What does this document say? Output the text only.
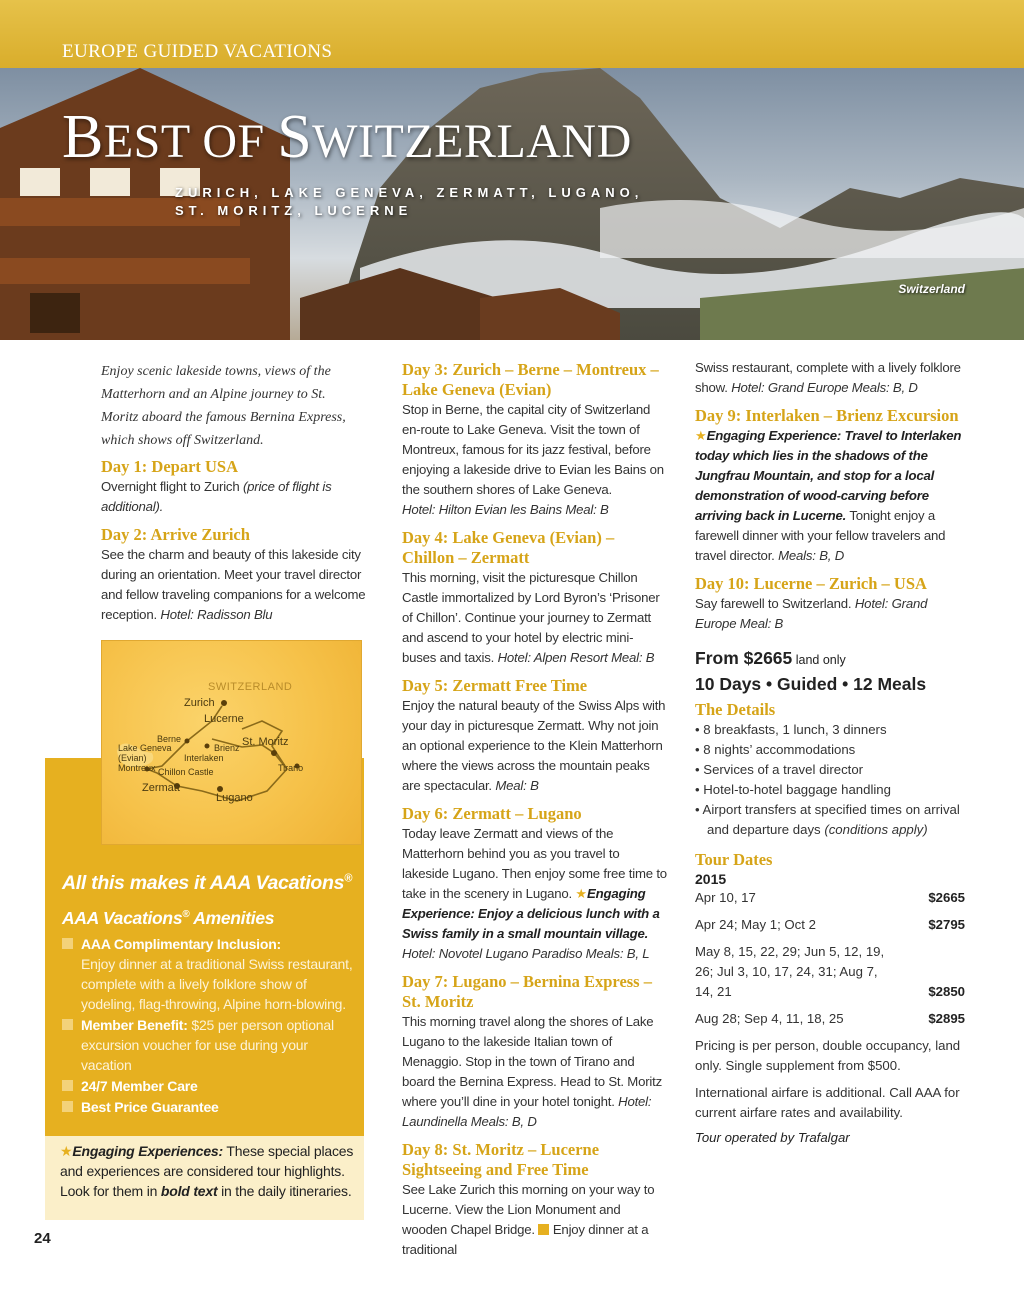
EUROPE GUIDED VACATIONS
BEST OF SWITZERLAND
ZURICH, LAKE GENEVA, ZERMATT, LUGANO,
ST. MORITZ, LUCERNE
Switzerland

Enjoy scenic lakeside towns, views of the Matterhorn and an Alpine journey to St. Moritz aboard the famous Bernina Express, which shows off Switzerland.

Day 1: Depart USA

Overnight flight to Zurich (price of flight is additional).

Day 2: Arrive Zurich

See the charm and beauty of this lakeside city during an orientation. Meet your travel director and fellow traveling companions for a welcome reception. Hotel: Radisson Blu

SWITZERLAND
Zurich
Lucerne
Berne
Lake Geneva
(Evian)
Montreux
Interlaken
Brienz St. Moritz
Tirano
Chillon Castle
Zermatt
Lugano
All this makes it AAA Vacations®
AAA Vacations® Amenities
AAA Complimentary Inclusion:
Enjoy dinner at a traditional Swiss restaurant, complete with a lively folklore show of yodeling, flag-throwing, Alpine horn-blowing.
Member Benefit: $25 per person optional excursion voucher for use during your vacation
24/7 Member Care
Best Price Guarantee

★Engaging Experiences: These special places and experiences are considered tour highlights. Look for them in bold text in the daily itineraries.

24
Day 3: Zurich – Berne – Montreux – Lake Geneva (Evian)

Stop in Berne, the capital city of Switzerland en-route to Lake Geneva. Visit the town of Montreux, famous for its jazz festival, before enjoying a lakeside drive to Evian les Bains on the southern shores of Lake Geneva.
Hotel: Hilton Evian les Bains Meal: B

Day 4: Lake Geneva (Evian) – Chillon – Zermatt

This morning, visit the picturesque Chillon Castle immortalized by Lord Byron’s ‘Prisoner of Chillon’. Continue your journey to Zermatt and ascend to your hotel by electric mini-buses and taxis. Hotel: Alpen Resort Meal: B

Day 5: Zermatt Free Time

Enjoy the natural beauty of the Swiss Alps with your day in picturesque Zermatt. Why not join an optional experience to the Klein Matterhorn where the views across the mountain peaks are spectacular. Meal: B

Day 6: Zermatt – Lugano

Today leave Zermatt and views of the Matterhorn behind you as you travel to lakeside Lugano. Then enjoy some free time to take in the scenery in Lugano. ★Engaging Experience: Enjoy a delicious lunch with a Swiss family in a small mountain village.
Hotel: Novotel Lugano Paradiso Meals: B, L

Day 7: Lugano – Bernina Express – St. Moritz

This morning travel along the shores of Lake Lugano to the lakeside Italian town of Menaggio. Stop in the town of Tirano and board the Bernina Express. Head to St. Moritz where you’ll dine in your hotel tonight. Hotel: Laundinella Meals: B, D

Day 8: St. Moritz – Lucerne Sightseeing and Free Time

See Lake Zurich this morning on your way to Lucerne. View the Lion Monument and wooden Chapel Bridge.  Enjoy dinner at a traditional

Swiss restaurant, complete with a lively folklore show. Hotel: Grand Europe Meals: B, D

Day 9: Interlaken – Brienz Excursion

★Engaging Experience: Travel to Interlaken today which lies in the shadows of the Jungfrau Mountain, and stop for a local demonstration of wood-carving before arriving back in Lucerne. Tonight enjoy a farewell dinner with your fellow travelers and travel director. Meals: B, D

Day 10: Lucerne – Zurich – USA

Say farewell to Switzerland. Hotel: Grand Europe Meal: B

From $2665 land only
10 Days • Guided • 12 Meals
The Details
• 8 breakfasts, 1 lunch, 3 dinners
• 8 nights’ accommodations
• Services of a travel director
• Hotel-to-hotel baggage handling
• Airport transfers at specified times on arrival and departure days (conditions apply)
Tour Dates
2015
Apr 10, 17	$2665
Apr 24; May 1; Oct 2	$2795
May 8, 15, 22, 29; Jun 5, 12, 19, 26; Jul 3, 10, 17, 24, 31; Aug 7, 14, 21	$2850
Aug 28; Sep 4, 11, 18, 25	$2895

Pricing is per person, double occupancy, land only. Single supplement from $500.

International airfare is additional. Call AAA for current airfare rates and availability.

Tour operated by Trafalgar
